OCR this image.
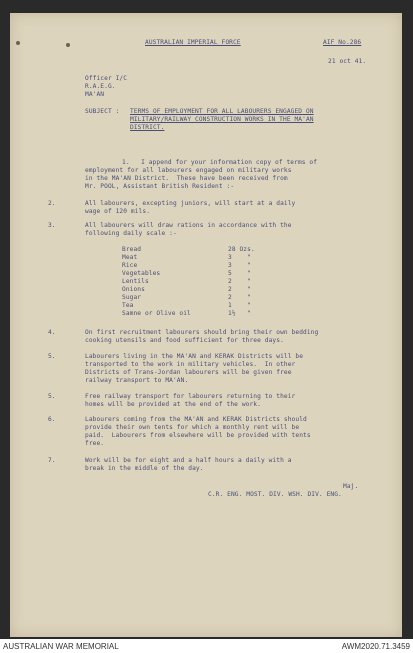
AUSTRALIAN IMPERIAL FORCE	AIF No.286
21 oct 41.
Officer I/C
R.A.E.G.
MA'AN
SUBJECT : TERMS OF EMPLOYMENT FOR ALL LABOURERS ENGAGED ON
MILITARY/RAILWAY CONSTRUCTION WORKS IN THE MA'AN
DISTRICT.
1.   I append for your information copy of terms of
employment for all labourers engaged on military works
in the MA'AN District.  These have been received from
Mr. POOL, Assistant British Resident :-
2.	All labourers, excepting juniors, will start at a daily
wage of 120 mils.
3.	All labourers will draw rations in accordance with the
following daily scale :-
Bread	28 Ozs.
Meat	3    "
Rice	3    "
Vegetables	5    "
Lentils	2    "
Onions	2    "
Sugar	2    "
Tea	1    "
Samne or Olive oil	1½   "
4.	On first recruitment labourers should bring their own bedding
cooking utensils and food sufficient for three days.
5.	Labourers living in the MA'AN and KERAK Districts will be
transported to the work in military vehicles.  In other
Districts of Trans-Jordan labourers will be given free
railway transport to MA'AN.
5.	Free railway transport for labourers returning to their
homes will be provided at the end of the work.
6.	Labourers coming from the MA'AN and KERAK Districts should
provide their own tents for which a monthly rent will be
paid.  Labourers from elsewhere will be provided with tents
free.
7.	Work will be for eight and a half hours a daily with a
break in the middle of the day.
Maj.
C.R. ENG. MOST. DIV. WSH. DIV. ENG.
AUSTRALIAN WAR MEMORIAL	AWM2020.71.3459
